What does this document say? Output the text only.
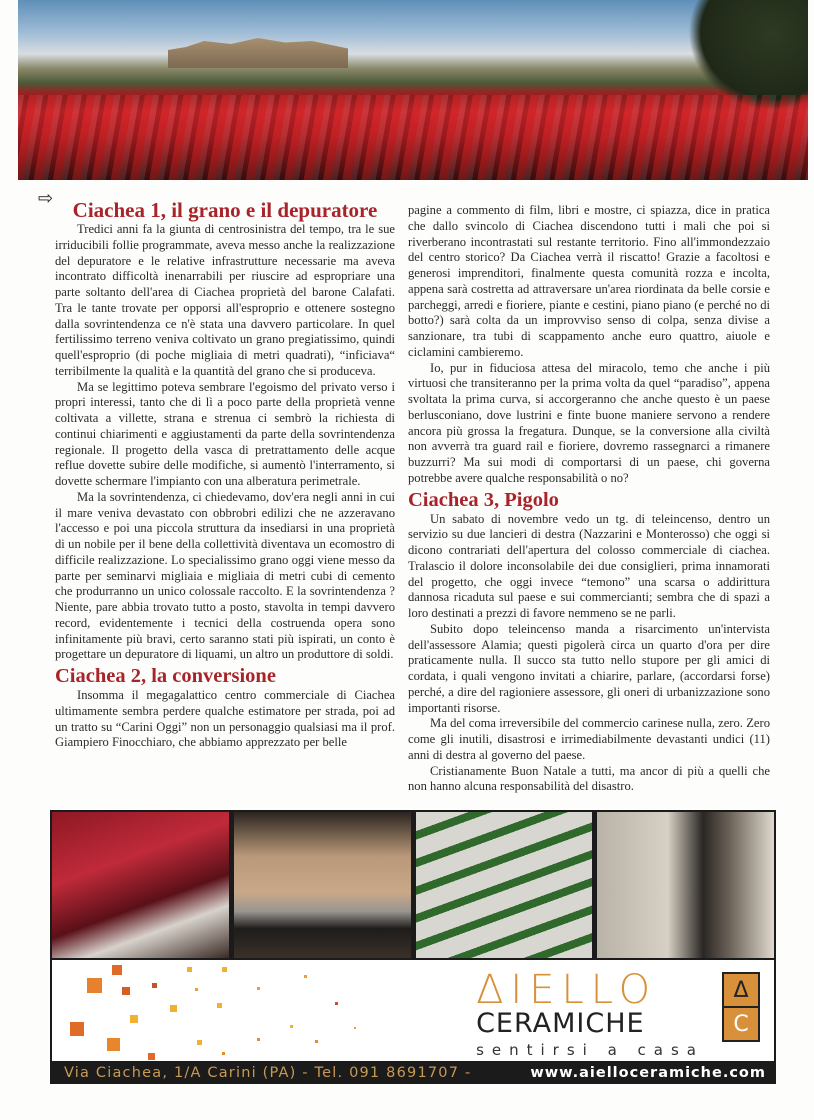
⇨ Ciachea 1, il grano e il depuratore

Tredici anni fa la giunta di centrosinistra del tempo, tra le sue irriducibili follie programmate, aveva messo anche la realizzazione del depuratore e le relative infrastrutture necessarie ma aveva incontrato difficoltà inenarrabili per riuscire ad espropriare una parte soltanto dell'area di Ciachea proprietà del barone Calafati. Tra le tante trovate per opporsi all'esproprio e ottenere sostegno dalla sovrintendenza ce n'è stata una davvero particolare. In quel fertilissimo terreno veniva coltivato un grano pregiatissimo, quindi quell'esproprio (di poche migliaia di metri quadrati), “inficiava“ terribilmente la qualità e la quantità del grano che si produceva.

Ma se legittimo poteva sembrare l'egoismo del privato verso i propri interessi, tanto che di lì a poco parte della proprietà venne coltivata a villette, strana e strenua ci sembrò la richiesta di continui chiarimenti e aggiustamenti da parte della sovrintendenza regionale. Il progetto della vasca di pretrattamento delle acque reflue dovette subire delle modifiche, si aumentò l'interramento, si dovette schermare l'impianto con una alberatura perimetrale.

Ma la sovrintendenza, ci chiedevamo, dov'era negli anni in cui il mare veniva devastato con obbrobri edilizi che ne azzeravano l'accesso e poi una piccola struttura da insediarsi in una proprietà di un nobile per il bene della collettività diventava un ecomostro di difficile realizzazione. Lo specialissimo grano oggi viene messo da parte per seminarvi migliaia e migliaia di metri cubi di cemento che produrranno un unico colossale raccolto. E la sovrintendenza ? Niente, pare abbia trovato tutto a posto, stavolta in tempi davvero record, evidentemente i tecnici della costruenda opera sono infinitamente più bravi, certo saranno stati più ispirati, un conto è progettare un depuratore di liquami, un altro un produttore di soldi.

Ciachea 2, la conversione

Insomma il megagalattico centro commerciale di Ciachea ultimamente sembra perdere qualche estimatore per strada, poi ad un tratto su “Carini Oggi” non un personaggio qualsiasi ma il prof. Giampiero Finocchiaro, che abbiamo apprezzato per belle

pagine a commento di film, libri e mostre, ci spiazza, dice in pratica che dallo svincolo di Ciachea discendono tutti i mali che poi si riverberano incontrastati sul restante territorio. Fino all'immondezzaio del centro storico? Da Ciachea verrà il riscatto! Grazie a facoltosi e generosi imprenditori, finalmente questa comunità rozza e incolta, appena sarà costretta ad attraversare un'area riordinata da belle corsie e parcheggi, arredi e fioriere, piante e cestini, piano piano (e perché no di botto?) sarà colta da un improvviso senso di colpa, senza divise a sanzionare, tra tubi di scappamento anche euro quattro, aiuole e ciclamini cambieremo.

Io, pur in fiduciosa attesa del miracolo, temo che anche i più virtuosi che transiteranno per la prima volta da quel “paradiso”, appena svoltata la prima curva, si accorgeranno che anche questo è un paese berlusconiano, dove lustrini e finte buone maniere servono a rendere ancora più grossa la fregatura. Dunque, se la conversione alla civiltà non avverrà tra guard rail e fioriere, dovremo rassegnarci a rimanere buzzurri? Ma sui modi di comportarsi di un paese, chi governa potrebbe avere qualche responsabilità o no?

Ciachea 3, Pigolo

Un sabato di novembre vedo un tg. di teleincenso, dentro un servizio su due lancieri di destra (Nazzarini e Monterosso) che oggi si dicono contrariati dell'apertura del colosso commerciale di ciachea. Tralascio il dolore inconsolabile dei due consiglieri, prima innamorati del progetto, che oggi invece “temono” una scarsa o addirittura dannosa ricaduta sul paese e sui commercianti; sembra che di spazi a loro destinati a prezzi di favore nemmeno se ne parli.

Subito dopo teleincenso manda a risarcimento un'intervista dell'assessore Alamia; questi pigolerà circa un quarto d'ora per dire praticamente nulla. Il succo sta tutto nello stupore per gli amici di cordata, i quali vengono invitati a chiarire, parlare, (accordarsi forse) perché, a dire del ragioniere assessore, gli oneri di urbanizzazione sono importanti risorse.

Ma del coma irreversibile del commercio carinese nulla, zero. Zero come gli inutili, disastrosi e irrimediabilmente devastanti undici (11) anni di destra al governo del paese.

Cristianamente Buon Natale a tutti, ma ancor di più a quelli che non hanno alcuna responsabilità del disastro.

ΔIELLO
CERAMICHE
sentirsi a casa
Δ
C
Via Ciachea, 1/A Carini (PA) - Tel. 091 8691707 -	www.aielloceramiche.com
